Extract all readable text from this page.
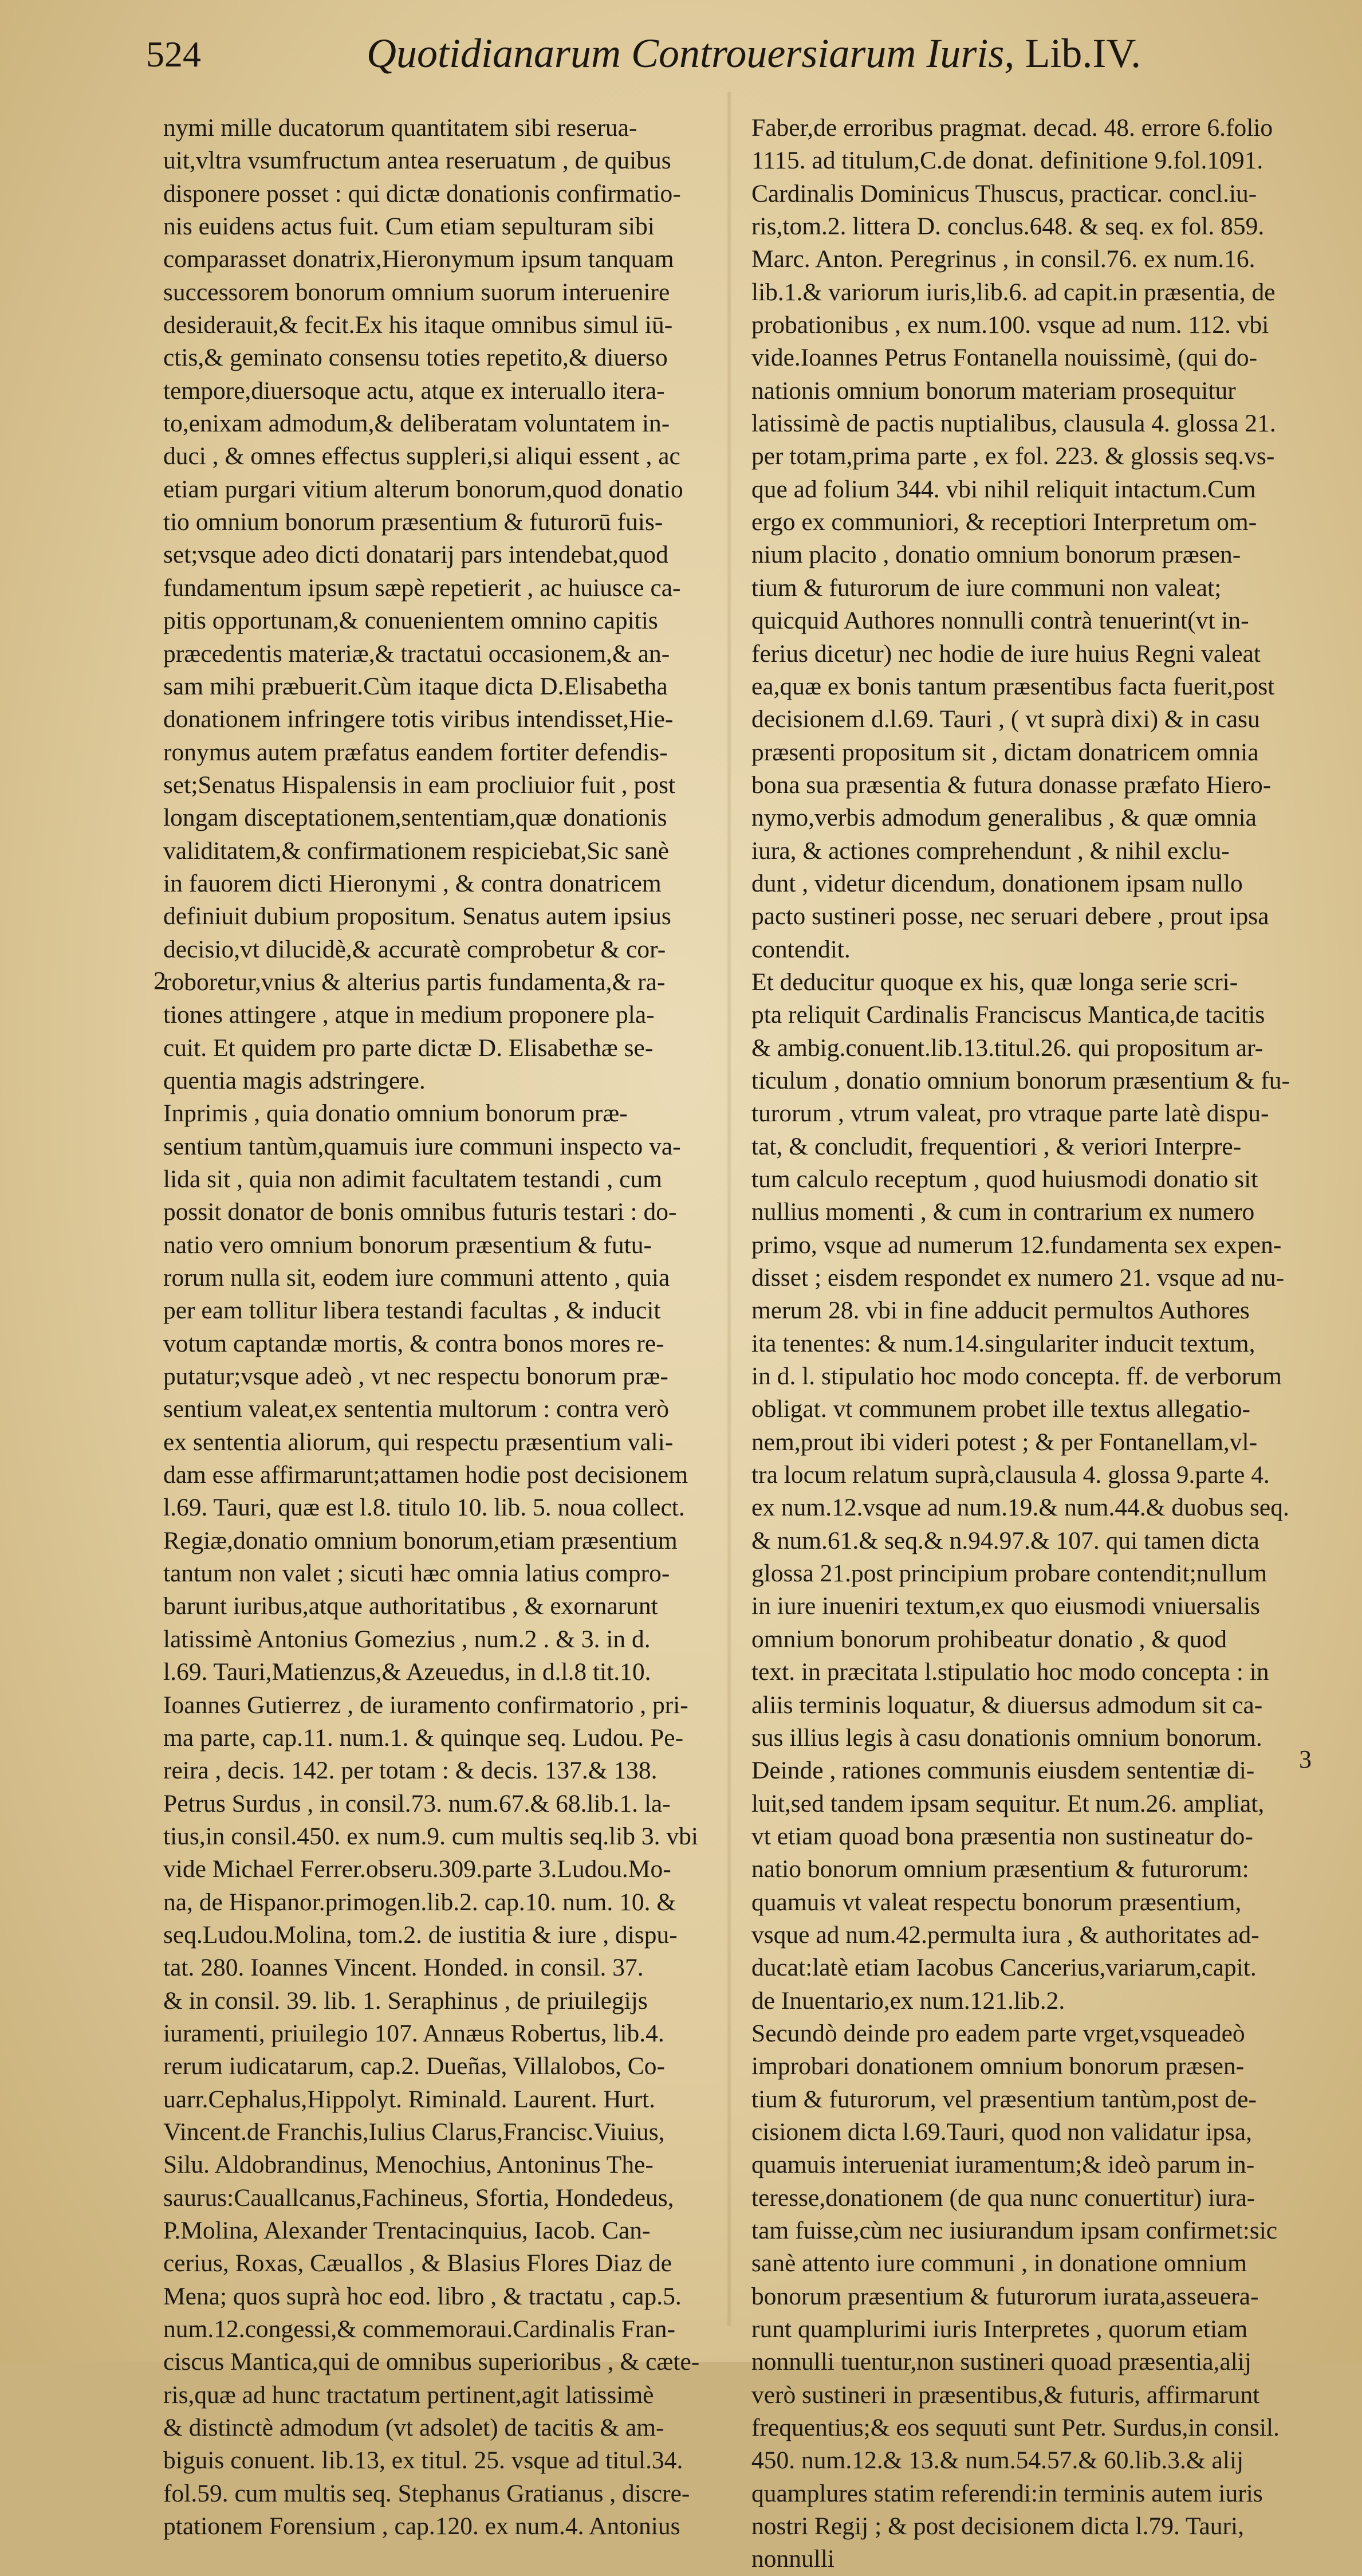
524	Quotidianarum Controuersiarum Iuris, Lib.IV.
nymi mille ducatorum quantitatem sibi reserua-
uit,vltra vsumfructum antea reseruatum , de quibus
disponere posset : qui dictæ donationis confirmatio-
nis euidens actus fuit. Cum etiam sepulturam sibi
comparasset donatrix,Hieronymum ipsum tanquam
successorem bonorum omnium suorum interuenire
desiderauit,& fecit.Ex his itaque omnibus simul iū-
ctis,& geminato consensu toties repetito,& diuerso
tempore,diuersoque actu, atque ex interuallo itera-
to,enixam admodum,& deliberatam voluntatem in-
duci , & omnes effectus suppleri,si aliqui essent , ac
etiam purgari vitium alterum bonorum,quod donatio
tio omnium bonorum præsentium & futurorū fuis-
set;vsque adeo dicti donatarij pars intendebat,quod
fundamentum ipsum sæpè repetierit , ac huiusce ca-
pitis opportunam,& conuenientem omnino capitis
præcedentis materiæ,& tractatui occasionem,& an-
sam mihi præbuerit.Cùm itaque dicta D.Elisabetha
donationem infringere totis viribus intendisset,Hie-
ronymus autem præfatus eandem fortiter defendis-
set;Senatus Hispalensis in eam procliuior fuit , post
longam disceptationem,sententiam,quæ donationis
validitatem,& confirmationem respiciebat,Sic sanè
in fauorem dicti Hieronymi , & contra donatricem
definiuit dubium propositum. Senatus autem ipsius
decisio,vt dilucidè,& accuratè comprobetur & cor-
roboretur,vnius & alterius partis fundamenta,& ra-
tiones attingere , atque in medium proponere pla-
cuit. Et quidem pro parte dictæ D. Elisabethæ se-
quentia magis adstringere.
Inprimis , quia donatio omnium bonorum præ-
sentium tantùm,quamuis iure communi inspecto va-
lida sit , quia non adimit facultatem testandi , cum
possit donator de bonis omnibus futuris testari : do-
natio vero omnium bonorum præsentium & futu-
rorum nulla sit, eodem iure communi attento , quia
per eam tollitur libera testandi facultas , & inducit
votum captandæ mortis, & contra bonos mores re-
putatur;vsque adeò , vt nec respectu bonorum præ-
sentium valeat,ex sententia multorum : contra verò
ex sententia aliorum, qui respectu præsentium vali-
dam esse affirmarunt;attamen hodie post decisionem
l.69. Tauri, quæ est l.8. titulo 10. lib. 5. noua collect.
Regiæ,donatio omnium bonorum,etiam præsentium
tantum non valet ; sicuti hæc omnia latius compro-
barunt iuribus,atque authoritatibus , & exornarunt
latissimè Antonius Gomezius , num.2 . & 3. in d.
l.69. Tauri,Matienzus,& Azeuedus, in d.l.8 tit.10.
Ioannes Gutierrez , de iuramento confirmatorio , pri-
ma parte, cap.11. num.1. & quinque seq. Ludou. Pe-
reira , decis. 142. per totam : & decis. 137.& 138.
Petrus Surdus , in consil.73. num.67.& 68.lib.1. la-
tius,in consil.450. ex num.9. cum multis seq.lib 3. vbi
vide Michael Ferrer.obseru.309.parte 3.Ludou.Mo-
na, de Hispanor.primogen.lib.2. cap.10. num. 10. &
seq.Ludou.Molina, tom.2. de iustitia & iure , dispu-
tat. 280. Ioannes Vincent. Honded. in consil. 37.
& in consil. 39. lib. 1. Seraphinus , de priuilegijs
iuramenti, priuilegio 107. Annæus Robertus, lib.4.
rerum iudicatarum, cap.2. Dueñas, Villalobos, Co-
uarr.Cephalus,Hippolyt. Riminald. Laurent. Hurt.
Vincent.de Franchis,Iulius Clarus,Francisc.Viuius,
Silu. Aldobrandinus, Menochius, Antoninus The-
saurus:Cauallcanus,Fachineus, Sfortia, Hondedeus,
P.Molina, Alexander Trentacinquius, Iacob. Can-
cerius, Roxas, Cæuallos , & Blasius Flores Diaz de
Mena; quos suprà hoc eod. libro , & tractatu , cap.5.
num.12.congessi,& commemoraui.Cardinalis Fran-
ciscus Mantica,qui de omnibus superioribus , & cæte-
ris,quæ ad hunc tractatum pertinent,agit latissimè
& distinctè admodum (vt adsolet) de tacitis & am-
biguis conuent. lib.13, ex titul. 25. vsque ad titul.34.
fol.59. cum multis seq. Stephanus Gratianus , discre-
ptationem Forensium , cap.120. ex num.4. Antonius
Faber,de erroribus pragmat. decad. 48. errore 6.folio
1115. ad titulum,C.de donat. definitione 9.fol.1091.
Cardinalis Dominicus Thuscus, practicar. concl.iu-
ris,tom.2. littera D. conclus.648. & seq. ex fol. 859.
Marc. Anton. Peregrinus , in consil.76. ex num.16.
lib.1.& variorum iuris,lib.6. ad capit.in præsentia, de
probationibus , ex num.100. vsque ad num. 112. vbi
vide.Ioannes Petrus Fontanella nouissimè, (qui do-
nationis omnium bonorum materiam prosequitur
latissimè de pactis nuptialibus, clausula 4. glossa 21.
per totam,prima parte , ex fol. 223. & glossis seq.vs-
que ad folium 344. vbi nihil reliquit intactum.Cum
ergo ex communiori, & receptiori Interpretum om-
nium placito , donatio omnium bonorum præsen-
tium & futurorum de iure communi non valeat;
quicquid Authores nonnulli contrà tenuerint(vt in-
ferius dicetur) nec hodie de iure huius Regni valeat
ea,quæ ex bonis tantum præsentibus facta fuerit,post
decisionem d.l.69. Tauri , ( vt suprà dixi) & in casu
præsenti propositum sit , dictam donatricem omnia
bona sua præsentia & futura donasse præfato Hiero-
nymo,verbis admodum generalibus , & quæ omnia
iura, & actiones comprehendunt , & nihil exclu-
dunt , videtur dicendum, donationem ipsam nullo
pacto sustineri posse, nec seruari debere , prout ipsa
contendit.
Et deducitur quoque ex his, quæ longa serie scri-
pta reliquit Cardinalis Franciscus Mantica,de tacitis
& ambig.conuent.lib.13.titul.26. qui propositum ar-
ticulum , donatio omnium bonorum præsentium & fu-
turorum , vtrum valeat, pro vtraque parte latè dispu-
tat, & concludit, frequentiori , & veriori Interpre-
tum calculo receptum , quod huiusmodi donatio sit
nullius momenti , & cum in contrarium ex numero
primo, vsque ad numerum 12.fundamenta sex expen-
disset ; eisdem respondet ex numero 21. vsque ad nu-
merum 28. vbi in fine adducit permultos Authores
ita tenentes: & num.14.singulariter inducit textum,
in d. l. stipulatio hoc modo concepta. ff. de verborum
obligat. vt communem probet ille textus allegatio-
nem,prout ibi videri potest ; & per Fontanellam,vl-
tra locum relatum suprà,clausula 4. glossa 9.parte 4.
ex num.12.vsque ad num.19.& num.44.& duobus seq.
& num.61.& seq.& n.94.97.& 107. qui tamen dicta
glossa 21.post principium probare contendit;nullum
in iure inueniri textum,ex quo eiusmodi vniuersalis
omnium bonorum prohibeatur donatio , & quod
text. in præcitata l.stipulatio hoc modo concepta : in
aliis terminis loquatur, & diuersus admodum sit ca-
sus illius legis à casu donationis omnium bonorum.
Deinde , rationes communis eiusdem sententiæ di-
luit,sed tandem ipsam sequitur. Et num.26. ampliat,
vt etiam quoad bona præsentia non sustineatur do-
natio bonorum omnium præsentium & futurorum:
quamuis vt valeat respectu bonorum præsentium,
vsque ad num.42.permulta iura , & authoritates ad-
ducat:latè etiam Iacobus Cancerius,variarum,capit.
de Inuentario,ex num.121.lib.2.
Secundò deinde pro eadem parte vrget,vsqueadeò
improbari donationem omnium bonorum præsen-
tium & futurorum, vel præsentium tantùm,post de-
cisionem dicta l.69.Tauri, quod non validatur ipsa,
quamuis interueniat iuramentum;& ideò parum in-
teresse,donationem (de qua nunc conuertitur) iura-
tam fuisse,cùm nec iusiurandum ipsam confirmet:sic
sanè attento iure communi , in donatione omnium
bonorum præsentium & futurorum iurata,asseuera-
runt quamplurimi iuris Interpretes , quorum etiam
nonnulli tuentur,non sustineri quoad præsentia,alij
verò sustineri in præsentibus,& futuris, affirmarunt
frequentius;& eos sequuti sunt Petr. Surdus,in consil.
450. num.12.& 13.& num.54.57.& 60.lib.3.& alij
quamplures statim referendi:in terminis autem iuris
nostri Regij ; & post decisionem dicta l.79. Tauri,
nonnulli
2
3
